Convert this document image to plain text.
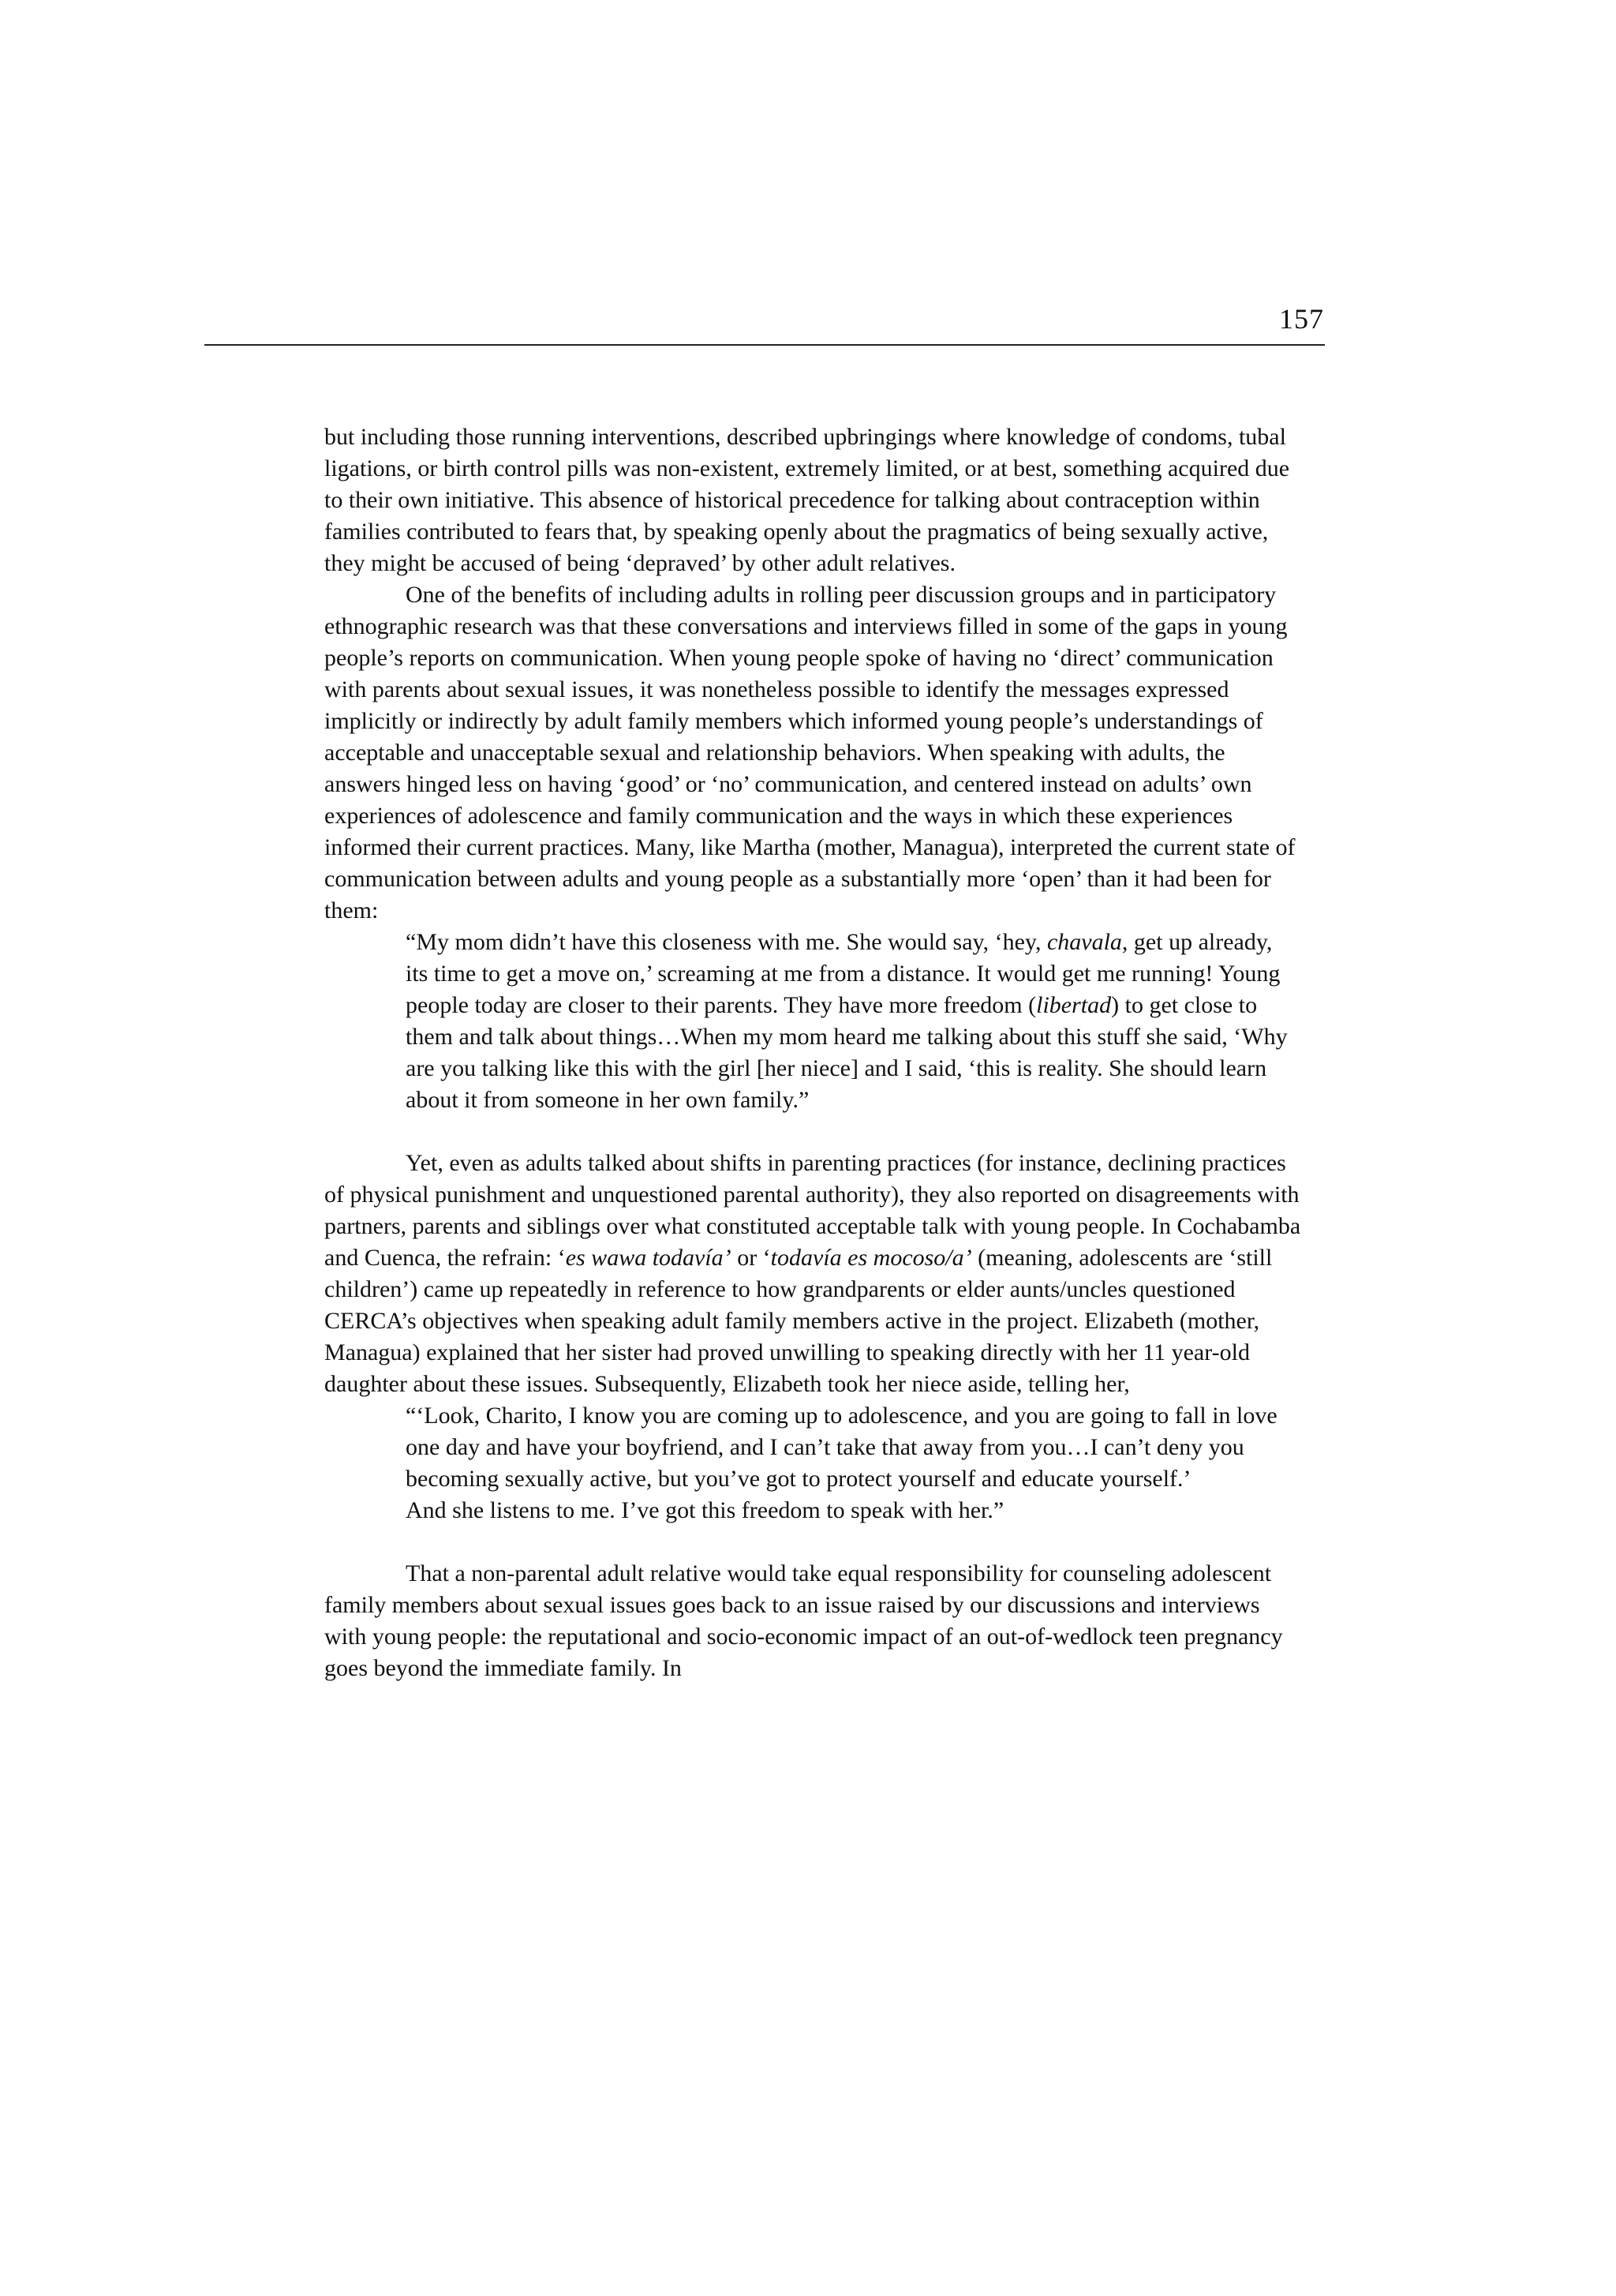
157

but including those running interventions, described upbringings where knowledge of condoms, tubal ligations, or birth control pills was non-existent, extremely limited, or at best, something acquired due to their own initiative. This absence of historical precedence for talking about contraception within families contributed to fears that, by speaking openly about the pragmatics of being sexually active, they might be accused of being ‘depraved’ by other adult relatives.

One of the benefits of including adults in rolling peer discussion groups and in participatory ethnographic research was that these conversations and interviews filled in some of the gaps in young people’s reports on communication. When young people spoke of having no ‘direct’ communication with parents about sexual issues, it was nonetheless possible to identify the messages expressed implicitly or indirectly by adult family members which informed young people’s understandings of acceptable and unacceptable sexual and relationship behaviors. When speaking with adults, the answers hinged less on having ‘good’ or ‘no’ communication, and centered instead on adults’ own experiences of adolescence and family communication and the ways in which these experiences informed their current practices. Many, like Martha (mother, Managua), interpreted the current state of communication between adults and young people as a substantially more ‘open’ than it had been for them:

“My mom didn’t have this closeness with me. She would say, ‘hey, chavala, get up already, its time to get a move on,’ screaming at me from a distance. It would get me running! Young people today are closer to their parents. They have more freedom (libertad) to get close to them and talk about things…When my mom heard me talking about this stuff she said, ‘Why are you talking like this with the girl [her niece] and I said, ‘this is reality. She should learn about it from someone in her own family.”

Yet, even as adults talked about shifts in parenting practices (for instance, declining practices of physical punishment and unquestioned parental authority), they also reported on disagreements with partners, parents and siblings over what constituted acceptable talk with young people. In Cochabamba and Cuenca, the refrain: ‘es wawa todavía’ or ‘todavía es mocoso/a’ (meaning, adolescents are ‘still children’) came up repeatedly in reference to how grandparents or elder aunts/uncles questioned CERCA’s objectives when speaking adult family members active in the project. Elizabeth (mother, Managua) explained that her sister had proved unwilling to speaking directly with her 11 year-old daughter about these issues. Subsequently, Elizabeth took her niece aside, telling her,

“‘Look, Charito, I know you are coming up to adolescence, and you are going to fall in love one day and have your boyfriend, and I can’t take that away from you…I can’t deny you becoming sexually active, but you’ve got to protect yourself and educate yourself.’

And she listens to me. I’ve got this freedom to speak with her.”

That a non-parental adult relative would take equal responsibility for counseling adolescent family members about sexual issues goes back to an issue raised by our discussions and interviews with young people: the reputational and socio-economic impact of an out-of-wedlock teen pregnancy goes beyond the immediate family. In
